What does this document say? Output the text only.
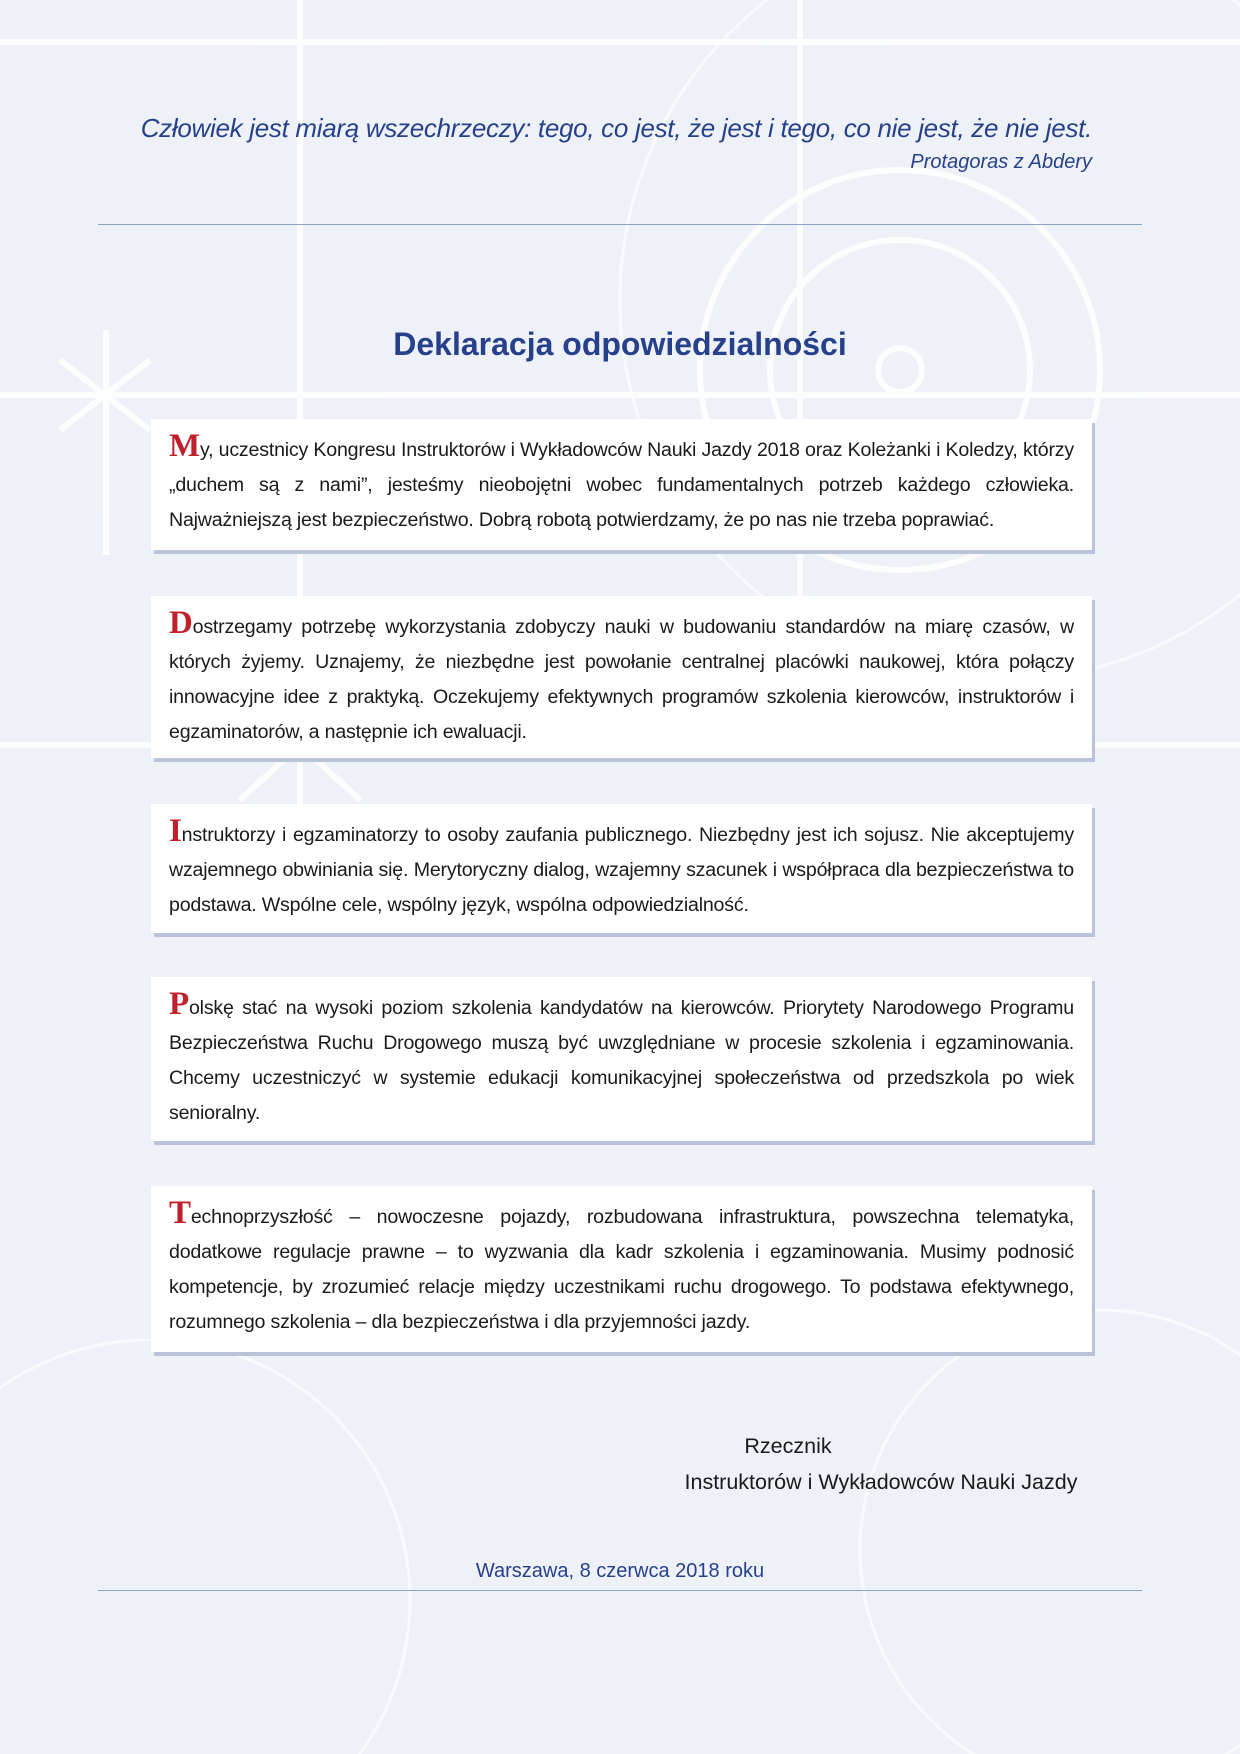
Człowiek jest miarą wszechrzeczy: tego, co jest, że jest i tego, co nie jest, że nie jest.
Protagoras z Abdery
Deklaracja odpowiedzialności

My, uczestnicy Kongresu Instruktorów i Wykładowców Nauki Jazdy 2018 oraz Koleżanki i Koledzy, którzy „duchem są z nami”, jesteśmy nieobojętni wobec fundamentalnych potrzeb każdego człowieka. Najważniejszą jest bezpieczeństwo. Dobrą robotą potwierdzamy, że po nas nie trzeba poprawiać.

Dostrzegamy potrzebę wykorzystania zdobyczy nauki w budowaniu standardów na miarę czasów, w których żyjemy. Uznajemy, że niezbędne jest powołanie centralnej placówki naukowej, która połączy innowacyjne idee z praktyką. Oczekujemy efektywnych programów szkolenia kierowców, instruktorów i egzaminatorów, a następnie ich ewaluacji.

Instruktorzy i egzaminatorzy to osoby zaufania publicznego. Niezbędny jest ich sojusz. Nie akceptujemy wzajemnego obwiniania się. Merytoryczny dialog, wzajemny szacunek i współpraca dla bezpieczeństwa to podstawa. Wspólne cele, wspólny język, wspólna odpowiedzialność.

Polskę stać na wysoki poziom szkolenia kandydatów na kierowców. Priorytety Narodowego Programu Bezpieczeństwa Ruchu Drogowego muszą być uwzględniane w procesie szkolenia i egzaminowania. Chcemy uczestniczyć w systemie edukacji komunikacyjnej społeczeństwa od przedszkola po wiek senioralny.

Technoprzyszłość – nowoczesne pojazdy, rozbudowana infrastruktura, powszechna telematyka, dodatkowe regulacje prawne – to wyzwania dla kadr szkolenia i egzaminowania. Musimy podnosić kompetencje, by zrozumieć relacje między uczestnikami ruchu drogowego. To podstawa efektywnego, rozumnego szkolenia – dla bezpieczeństwa i dla przyjemności jazdy.

Rzecznik
Instruktorów i Wykładowców Nauki Jazdy
Warszawa, 8 czerwca 2018 roku
